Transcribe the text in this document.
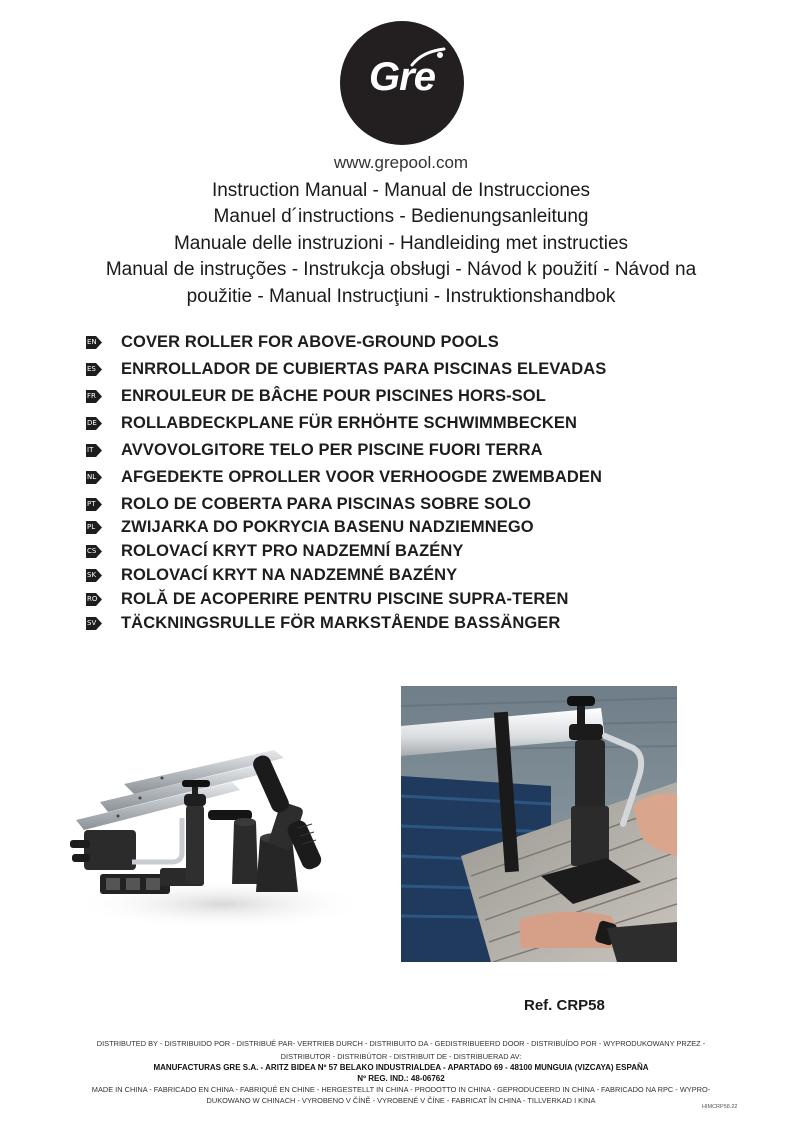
Gre
www.grepool.com
Instruction Manual - Manual de Instrucciones
Manuel d´instructions - Bedienungsanleitung
Manuale delle instruzioni - Handleiding met instructies
Manual de instruções - Instrukcja obsługi - Návod k použití - Návod na
použitie - Manual Instrucţiuni - Instruktionshandbok
EN COVER ROLLER FOR ABOVE-GROUND POOLS
ES ENRROLLADOR DE CUBIERTAS PARA PISCINAS ELEVADAS
FR ENROULEUR DE BÂCHE POUR PISCINES HORS-SOL
DE ROLLABDECKPLANE FÜR ERHÖHTE SCHWIMMBECKEN
IT AVVOVOLGITORE TELO PER PISCINE FUORI TERRA
NL AFGEDEKTE OPROLLER VOOR VERHOOGDE ZWEMBADEN
PT ROLO DE COBERTA PARA PISCINAS SOBRE SOLO
PL ZWIJARKA DO POKRYCIA BASENU NADZIEMNEGO
CS ROLOVACÍ KRYT PRO NADZEMNÍ BAZÉNY
SK ROLOVACÍ KRYT NA NADZEMNÉ BAZÉNY
RO ROLĂ DE ACOPERIRE PENTRU PISCINE SUPRA-TEREN
SV TÄCKNINGSRULLE FÖR MARKSTÅENDE BASSÄNGER
Ref. CRP58
DISTRIBUTED BY - DISTRIBUIDO POR - DISTRIBUÉ PAR- VERTRIEB DURCH - DISTRIBUITO DA - GEDISTRIBUEERD DOOR - DISTRIBUÍDO POR - WYPRODUKOWANY PRZEZ -
DISTRIBUTOR - DISTRIBÚTOR - DISTRIBUIT DE - DISTRIBUERAD AV:
MANUFACTURAS GRE S.A. - ARITZ BIDEA Nº 57 BELAKO INDUSTRIALDEA - APARTADO 69 - 48100 MUNGUIA (VIZCAYA) ESPAÑA
Nº REG. IND.: 48-06762
MADE IN CHINA - FABRICADO EN CHINA - FABRIQUÉ EN CHINE - HERGESTELLT IN CHINA - PRODOTTO IN CHINA - GEPRODUCEERD IN CHINA - FABRICADO NA RPC - WYPRO-
DUKOWANO W CHINACH - VYROBENO V ČÍNĚ - VYROBENÉ V ČÍNE - FABRICAT ÎN CHINA - TILLVERKAD I KINA
HIMCRP58.22
